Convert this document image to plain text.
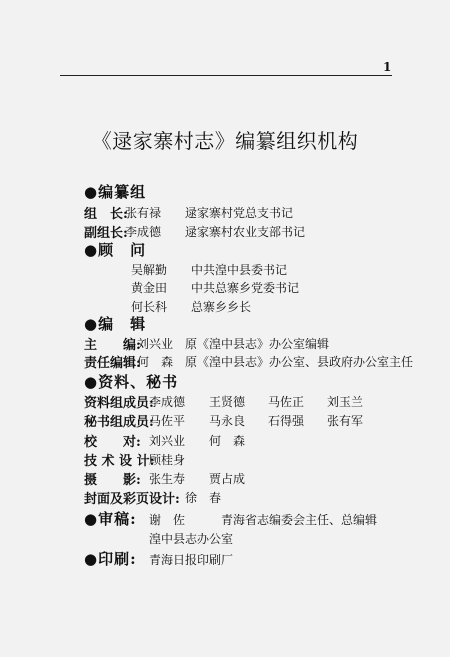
1
《逯家寨村志》编纂组织机构
●编纂组
组　长:
张有禄 逯家寨村党总支书记
副组长:
李成德 逯家寨村农业支部书记
●顾　问
吴解勤 中共湟中县委书记
黄金田 中共总寨乡党委书记
何长科 总寨乡乡长
●编　辑
主　　编:
刘兴业 原《湟中县志》办公室编辑
责任编辑:
何　森 原《湟中县志》办公室、县政府办公室主任
●资料、秘书
资料组成员:
李成德 王贤德 马佐正 刘玉兰
秘书组成员:
马佐平 马永良 石得强 张有军
校　　对: 刘兴业 何　森
技 术 设 计:
顾桂身
摄　　影: 张生寿 贾占成
封面及彩页设计: 徐　春
●审稿: 谢　佐	青海省志编委会主任、总编辑
湟中县志办公室
●印刷: 青海日报印刷厂
